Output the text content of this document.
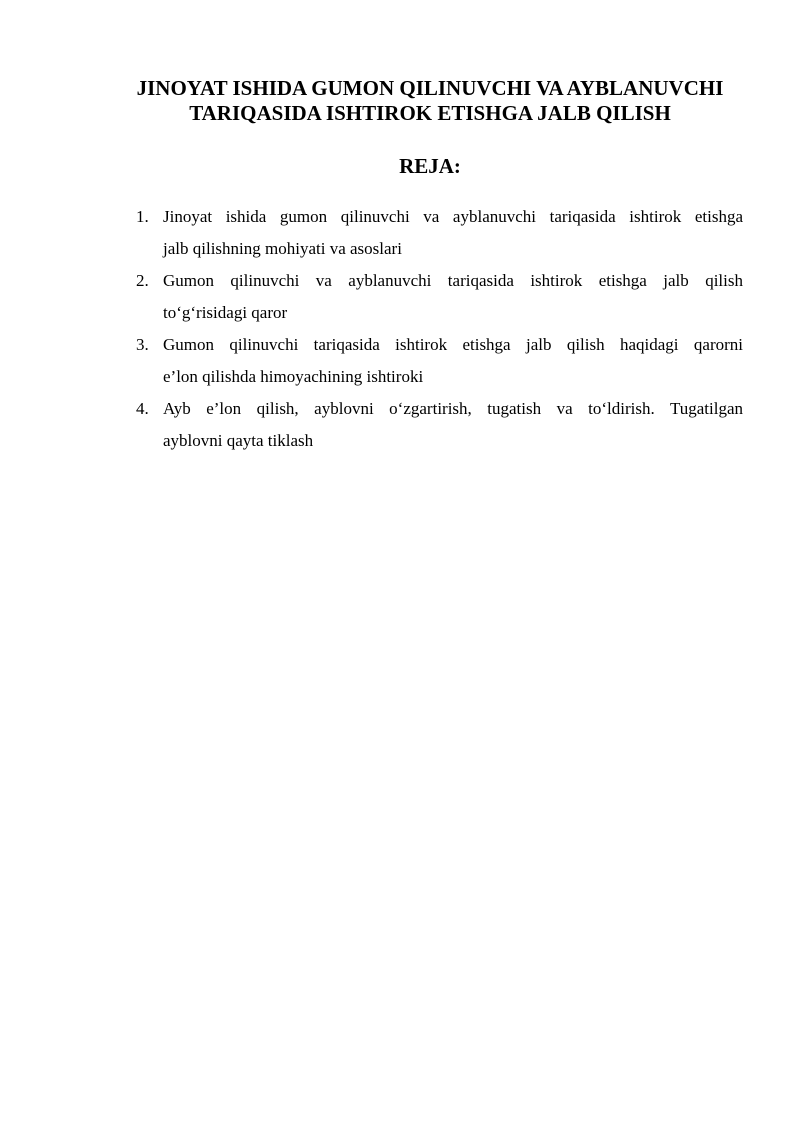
JINOYAT ISHIDA GUMON QILINUVCHI VA AYBLANUVCHI
TARIQASIDA ISHTIROK ETISHGA JALB QILISH
REJA:
1. Jinoyat ishida gumon qilinuvchi va ayblanuvchi tariqasida ishtirok etishga
jalb qilishning mohiyati va asoslari
2. Gumon qilinuvchi va ayblanuvchi tariqasida ishtirok etishga jalb qilish
to‘g‘risidagi qaror
3. Gumon qilinuvchi tariqasida ishtirok etishga jalb qilish haqidagi qarorni
e’lon qilishda himoyachining ishtiroki
4. Ayb e’lon qilish, ayblovni o‘zgartirish, tugatish va to‘ldirish. Tugatilgan
ayblovni qayta tiklash
